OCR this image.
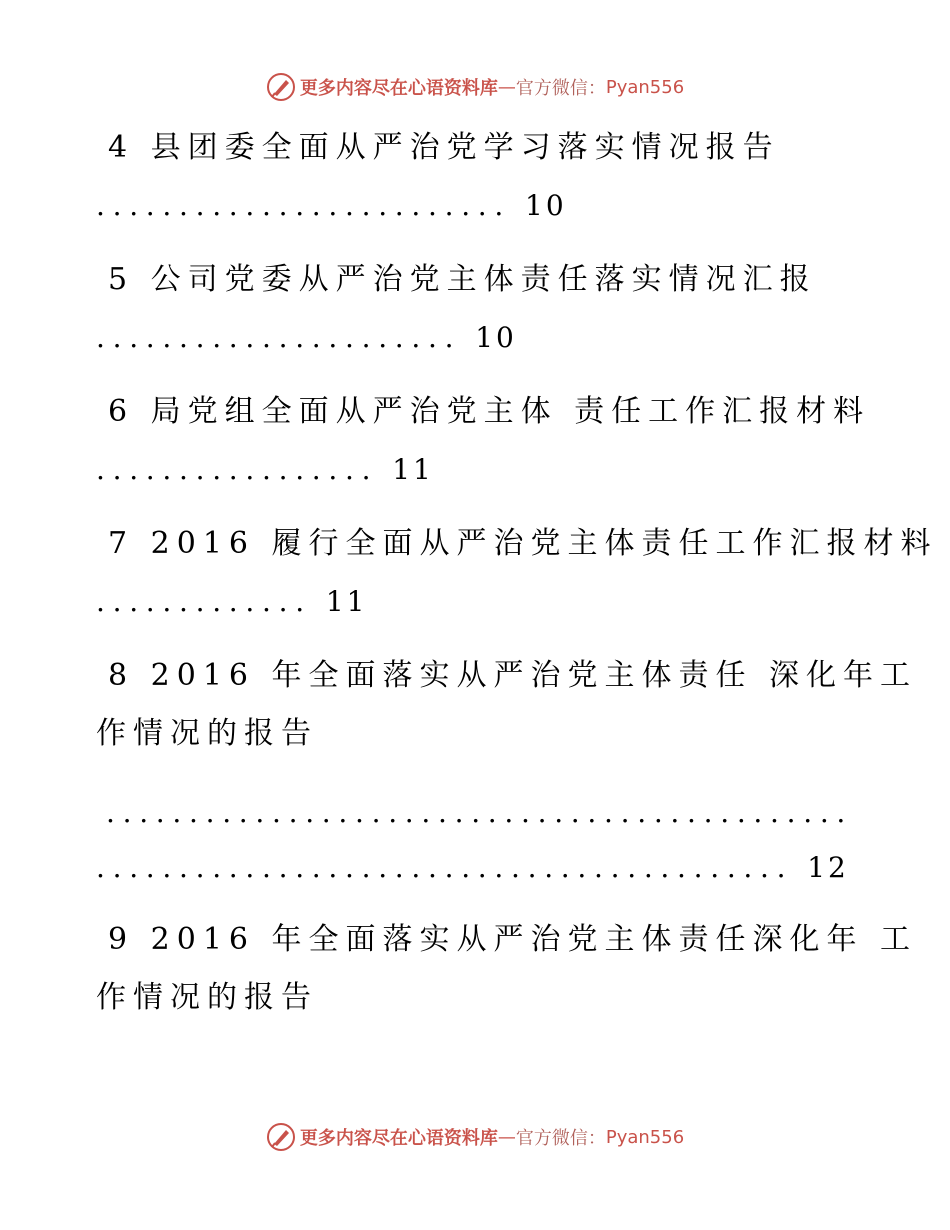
更多内容尽在心语资料库 — 官方微信： Pyan556
4 县团委全面从严治党学习落实情况报告
......................... 10
5 公司党委从严治党主体责任落实情况汇报
...................... 10
6 局党组全面从严治党主体 责任工作汇报材料
................. 11
7 2016 履行全面从严治党主体责任工作汇报材料
............. 11
8 2016 年全面落实从严治党主体责任 深化年工
作情况的报告
.............................................
.......................................... 12
9 2016 年全面落实从严治党主体责任深化年 工
作情况的报告
更多内容尽在心语资料库 — 官方微信： Pyan556
